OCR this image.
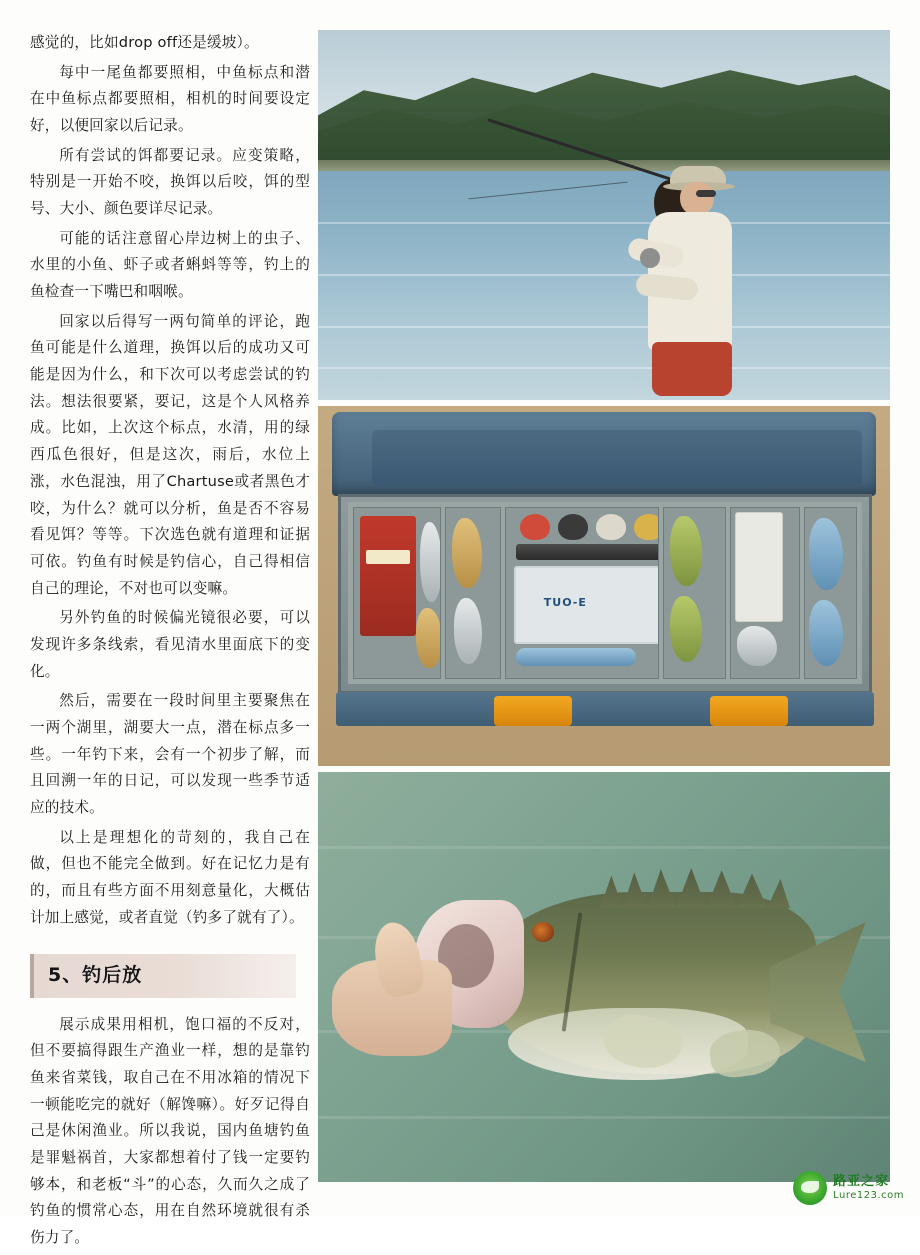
感觉的，比如drop off还是缓坡）。

每中一尾鱼都要照相，中鱼标点和潜在中鱼标点都要照相，相机的时间要设定好，以便回家以后记录。

所有尝试的饵都要记录。应变策略，特别是一开始不咬，换饵以后咬，饵的型号、大小、颜色要详尽记录。

可能的话注意留心岸边树上的虫子、水里的小鱼、虾子或者蝌蚪等等，钓上的鱼检查一下嘴巴和咽喉。

回家以后得写一两句简单的评论，跑鱼可能是什么道理，换饵以后的成功又可能是因为什么，和下次可以考虑尝试的钓法。想法很要紧，要记，这是个人风格养成。比如，上次这个标点，水清，用的绿西瓜色很好，但是这次，雨后，水位上涨，水色混浊，用了Chartuse或者黑色才咬，为什么？就可以分析，鱼是否不容易看见饵？等等。下次选色就有道理和证据可依。钓鱼有时候是钓信心，自己得相信自己的理论，不对也可以变嘛。

另外钓鱼的时候偏光镜很必要，可以发现许多条线索，看见清水里面底下的变化。

然后，需要在一段时间里主要聚焦在一两个湖里，湖要大一点，潜在标点多一些。一年钓下来，会有一个初步了解，而且回溯一年的日记，可以发现一些季节适应的技术。

以上是理想化的苛刻的，我自己在做，但也不能完全做到。好在记忆力是有的，而且有些方面不用刻意量化，大概估计加上感觉，或者直觉（钓多了就有了）。

5、钓后放

展示成果用相机，饱口福的不反对，但不要搞得跟生产渔业一样，想的是靠钓鱼来省菜钱，取自己在不用冰箱的情况下一顿能吃完的就好（解馋嘛）。好歹记得自己是休闲渔业。所以我说，国内鱼塘钓鱼是罪魁祸首，大家都想着付了钱一定要钓够本，和老板“斗”的心态，久而久之成了钓鱼的惯常心态，用在自然环境就很有杀伤力了。

TUO-E
路亚之家
Lure123.com
